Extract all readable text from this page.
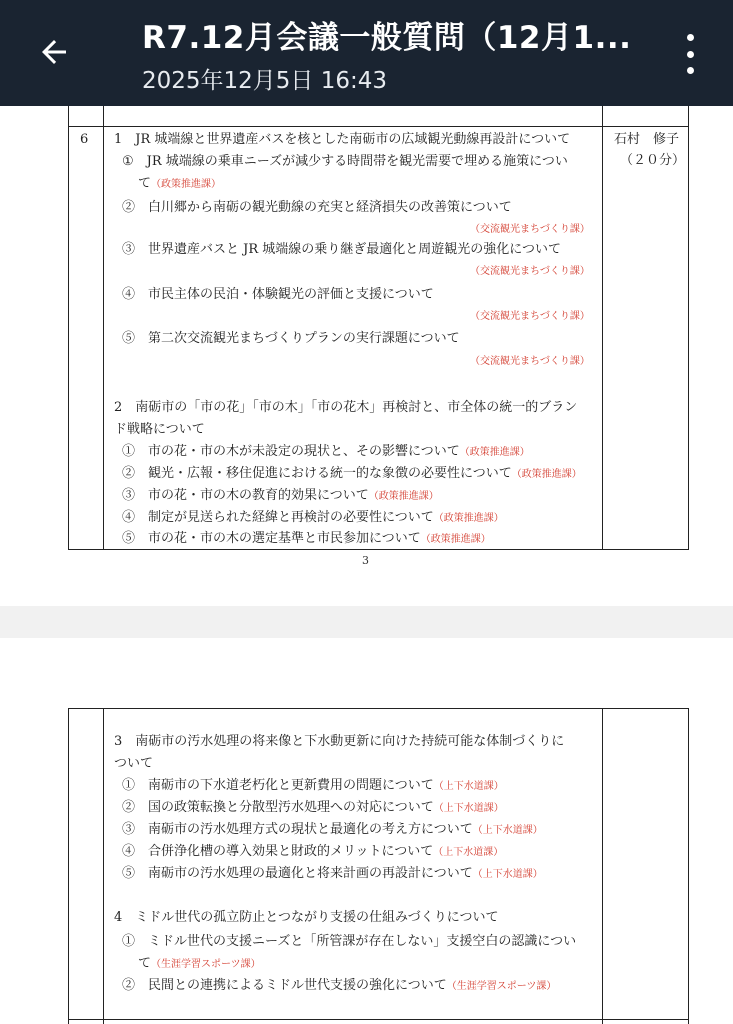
R7.12月会議一般質問（12月1...
2025年12月5日 16:43
6	石村　修子
（２０分）
1　JR 城端線と世界遺産バスを核とした南砺市の広域観光動線再設計について
①　JR 城端線の乗車ニーズが減少する時間帯を観光需要で埋める施策につい
て（政策推進課）
②　白川郷から南砺の観光動線の充実と経済損失の改善策について
（交流観光まちづくり課）
③　世界遺産バスと JR 城端線の乗り継ぎ最適化と周遊観光の強化について
（交流観光まちづくり課）
④　市民主体の民泊・体験観光の評価と支援について
（交流観光まちづくり課）
⑤　第二次交流観光まちづくりプランの実行課題について
（交流観光まちづくり課）
2　南砺市の「市の花」「市の木」「市の花木」再検討と、市全体の統一的ブラン
ド戦略について
①　市の花・市の木が未設定の現状と、その影響について（政策推進課）
②　観光・広報・移住促進における統一的な象徴の必要性について（政策推進課）
③　市の花・市の木の教育的効果について（政策推進課）
④　制定が見送られた経緯と再検討の必要性について（政策推進課）
⑤　市の花・市の木の選定基準と市民参加について（政策推進課）
3
3　南砺市の汚水処理の将来像と下水動更新に向けた持続可能な体制づくりに
ついて
①　南砺市の下水道老朽化と更新費用の問題について（上下水道課）
②　国の政策転換と分散型汚水処理への対応について（上下水道課）
③　南砺市の汚水処理方式の現状と最適化の考え方について（上下水道課）
④　合併浄化槽の導入効果と財政的メリットについて（上下水道課）
⑤　南砺市の汚水処理の最適化と将来計画の再設計について（上下水道課）
4　ミドル世代の孤立防止とつながり支援の仕組みづくりについて
①　ミドル世代の支援ニーズと「所管課が存在しない」支援空白の認識につい
て（生涯学習スポーツ課）
②　民間との連携によるミドル世代支援の強化について（生涯学習スポーツ課）
